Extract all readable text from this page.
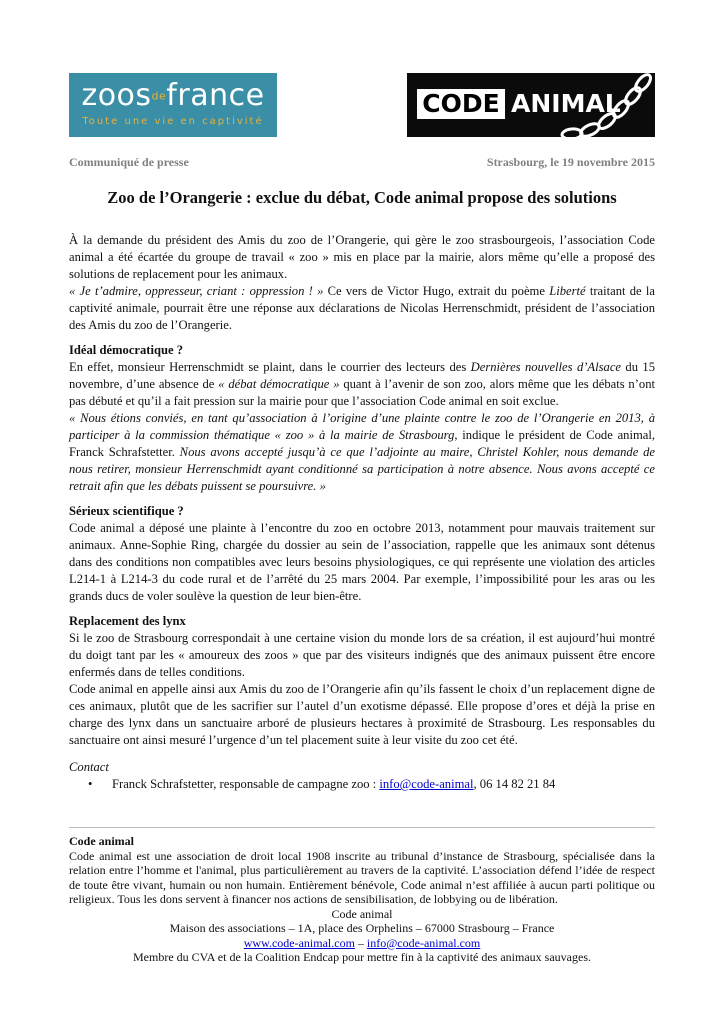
zoosdefrance
Toute une vie en captivité
CODE ANIMAL
Communiqué de presse	Strasbourg, le 19 novembre 2015
Zoo de l’Orangerie : exclue du débat, Code animal propose des solutions

À la demande du président des Amis du zoo de l’Orangerie, qui gère le zoo strasbourgeois, l’association Code animal a été écartée du groupe de travail « zoo » mis en place par la mairie, alors même qu’elle a proposé des solutions de replacement pour les animaux.

« Je t’admire, oppresseur, criant : oppression ! » Ce vers de Victor Hugo, extrait du poème Liberté traitant de la captivité animale, pourrait être une réponse aux déclarations de Nicolas Herrenschmidt, président de l’association des Amis du zoo de l’Orangerie.

Idéal démocratique ?

En effet, monsieur Herrenschmidt se plaint, dans le courrier des lecteurs des Dernières nouvelles d’Alsace du 15 novembre, d’une absence de « débat démocratique » quant à l’avenir de son zoo, alors même que les débats n’ont pas débuté et qu’il a fait pression sur la mairie pour que l’association Code animal en soit exclue.

« Nous étions conviés, en tant qu’association à l’origine d’une plainte contre le zoo de l’Orangerie en 2013, à participer à la commission thématique « zoo » à la mairie de Strasbourg, indique le président de Code animal, Franck Schrafstetter. Nous avons accepté jusqu’à ce que l’adjointe au maire, Christel Kohler, nous demande de nous retirer, monsieur Herrenschmidt ayant conditionné sa participation à notre absence. Nous avons accepté ce retrait afin que les débats puissent se poursuivre. »

Sérieux scientifique ?

Code animal a déposé une plainte à l’encontre du zoo en octobre 2013, notamment pour mauvais traitement sur animaux. Anne-Sophie Ring, chargée du dossier au sein de l’association, rappelle que les animaux sont détenus dans des conditions non compatibles avec leurs besoins physiologiques, ce qui représente une violation des articles L214-1 à L214-3 du code rural et de l’arrêté du 25 mars 2004. Par exemple, l’impossibilité pour les aras ou les grands ducs de voler soulève la question de leur bien-être.

Replacement des lynx

Si le zoo de Strasbourg correspondait à une certaine vision du monde lors de sa création, il est aujourd’hui montré du doigt tant par les « amoureux des zoos » que par des visiteurs indignés que des animaux puissent être encore enfermés dans de telles conditions.

Code animal en appelle ainsi aux Amis du zoo de l’Orangerie afin qu’ils fassent le choix d’un replacement digne de ces animaux, plutôt que de les sacrifier sur l’autel d’un exotisme dépassé. Elle propose d’ores et déjà la prise en charge des lynx dans un sanctuaire arboré de plusieurs hectares à proximité de Strasbourg. Les responsables du sanctuaire ont ainsi mesuré l’urgence d’un tel placement suite à leur visite du zoo cet été.

Contact

• Franck Schrafstetter, responsable de campagne zoo : info@code-animal, 06 14 82 21 84
Code animal
Code animal est une association de droit local 1908 inscrite au tribunal d’instance de Strasbourg, spécialisée dans la relation entre l’homme et l'animal, plus particulièrement au travers de la captivité. L’association défend l’idée de respect de toute être vivant, humain ou non humain. Entièrement bénévole, Code animal n’est affiliée à aucun parti politique ou religieux. Tous les dons servent à financer nos actions de sensibilisation, de lobbying ou de libération.
Code animal
Maison des associations – 1A, place des Orphelins – 67000 Strasbourg – France
www.code-animal.com – info@code-animal.com
Membre du CVA et de la Coalition Endcap pour mettre fin à la captivité des animaux sauvages.
